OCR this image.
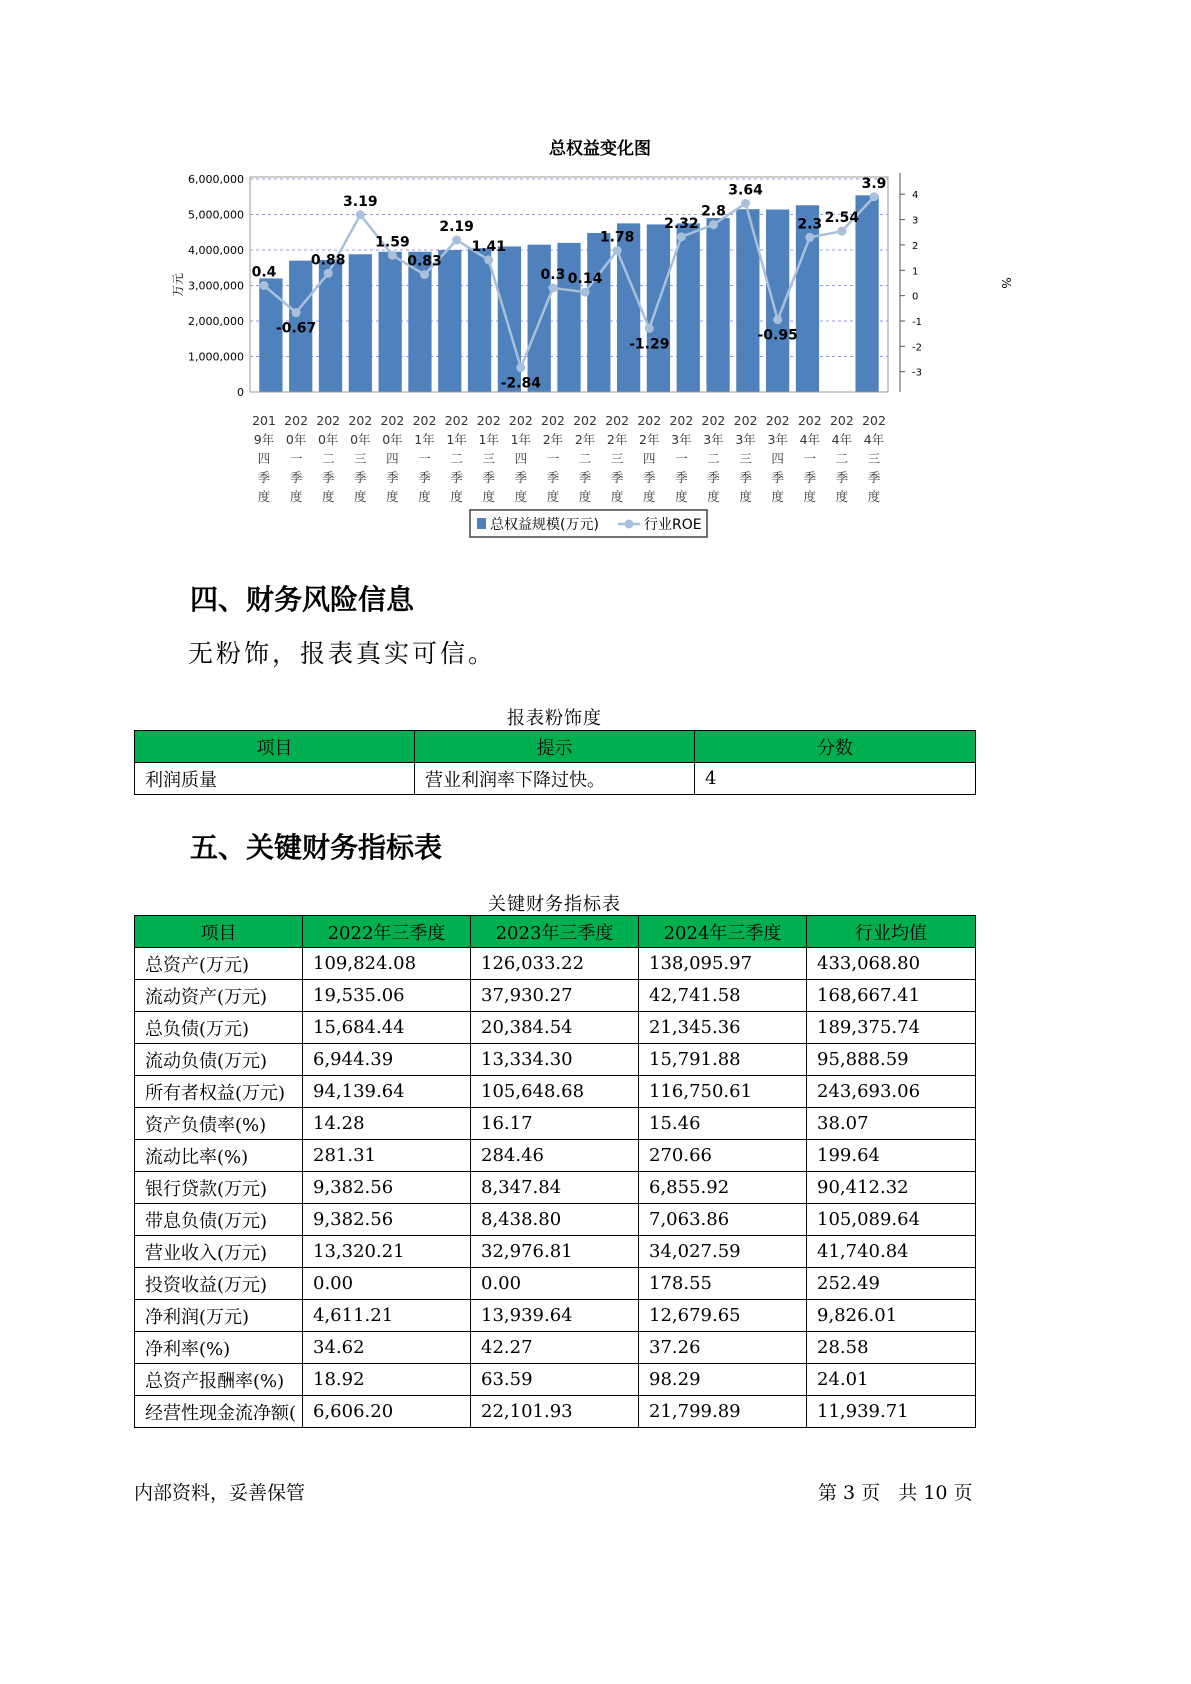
总权益变化图
0.4
-0.67
0.88
3.19
1.59
0.83
2.19
1.41
-2.84
0.3 0.14
1.78
-1.29
2.32
2.8
3.64
-0.95
2.3 2.54
3.9
0
1,000,000
2,000,000
3,000,000
4,000,000
5,000,000
6,000,000
-3
-2
-1
0
1
2
3
4
201
9年
四
季
度
202
0年
一
季
度
202
0年
二
季
度
202
0年
三
季
度
202
0年
四
季
度
202
1年
一
季
度
202
1年
二
季
度
202
1年
三
季
度
202
1年
四
季
度
202
2年
一
季
度
202
2年
二
季
度
202
2年
三
季
度
202
2年
四
季
度
202
3年
一
季
度
202
3年
二
季
度
202
3年
三
季
度
202
3年
四
季
度
202
4年
一
季
度
202
4年
二
季
度
202
4年
三
季
度
万元	%
总权益规模(万元)	行业ROE
四、财务风险信息
无粉饰，报表真实可信。
报表粉饰度
项目	提示	分数
利润质量	营业利润率下降过快。	4
五、关键财务指标表
关键财务指标表
项目	2022年三季度	2023年三季度	2024年三季度	行业均值
总资产(万元)	109,824.08	126,033.22	138,095.97	433,068.80
流动资产(万元)	19,535.06	37,930.27	42,741.58	168,667.41
总负债(万元)	15,684.44	20,384.54	21,345.36	189,375.74
流动负债(万元)	6,944.39	13,334.30	15,791.88	95,888.59
所有者权益(万元)	94,139.64	105,648.68	116,750.61	243,693.06
资产负债率(%)	14.28	16.17	15.46	38.07
流动比率(%)	281.31	284.46	270.66	199.64
银行贷款(万元)	9,382.56	8,347.84	6,855.92	90,412.32
带息负债(万元)	9,382.56	8,438.80	7,063.86	105,089.64
营业收入(万元)	13,320.21	32,976.81	34,027.59	41,740.84
投资收益(万元)	0.00	0.00	178.55	252.49
净利润(万元)	4,611.21	13,939.64	12,679.65	9,826.01
净利率(%)	34.62	42.27	37.26	28.58
总资产报酬率(%)	18.92	63.59	98.29	24.01
经营性现金流净额(	6,606.20	22,101.93	21,799.89	11,939.71
内部资料，妥善保管	第 3 页   共 10 页
